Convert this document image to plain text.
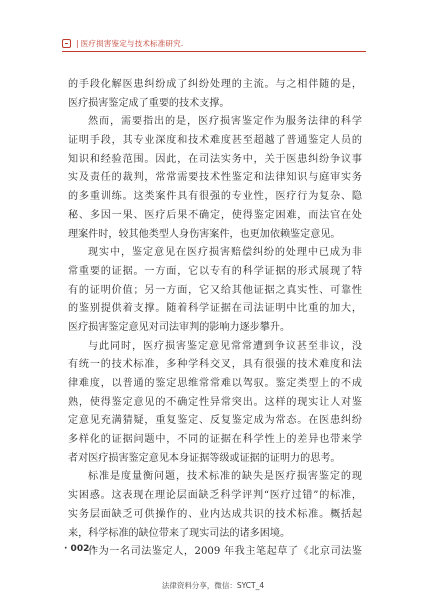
| 医疗损害鉴定与技术标准研究 .
的手段化解医患纠纷成了纠纷处理的主流。与之相伴随的是，
医疗损害鉴定成了重要的技术支撑。
然而，需要指出的是，医疗损害鉴定作为服务法律的科学
证明手段，其专业深度和技术难度甚至超越了普通鉴定人员的
知识和经验范围。因此，在司法实务中，关于医患纠纷争议事
实及责任的裁判，常常需要技术性鉴定和法律知识与庭审实务
的多重训练。这类案件具有很强的专业性，医疗行为复杂、隐
秘、多因一果、医疗后果不确定，使得鉴定困难，而法官在处
理案件时，较其他类型人身伤害案件，也更加依赖鉴定意见。
现实中，鉴定意见在医疗损害赔偿纠纷的处理中已成为非
常重要的证据。一方面，它以专有的科学证据的形式展现了特
有的证明价值；另一方面，它又给其他证据之真实性、可靠性
的鉴别提供着支撑。随着科学证据在司法证明中比重的加大，
医疗损害鉴定意见对司法审判的影响力逐步攀升。
与此同时，医疗损害鉴定意见常常遭到争议甚至非议，没
有统一的技术标准，多种学科交叉，具有很强的技术难度和法
律难度，以普通的鉴定思维常常难以驾驭。鉴定类型上的不成
熟，使得鉴定意见的不确定性异常突出。这样的现实让人对鉴
定意见充满猜疑，重复鉴定、反复鉴定成为常态。在医患纠纷
多样化的证据问题中，不同的证据在科学性上的差异也带来学
者对医疗损害鉴定意见本身证据等级或证据的证明力的思考。
标准是度量衡问题，技术标准的缺失是医疗损害鉴定的现
实困惑。这表现在理论层面缺乏科学评判“医疗过错”的标准，
实务层面缺乏可供操作的、业内达成共识的技术标准。概括起
来，科学标准的缺位带来了现实司法的诸多困境。
作为一名司法鉴定人，2009 年我主笔起草了《北京司法鉴
· 002 ·
法律资料分享，微信：SYCT_4
